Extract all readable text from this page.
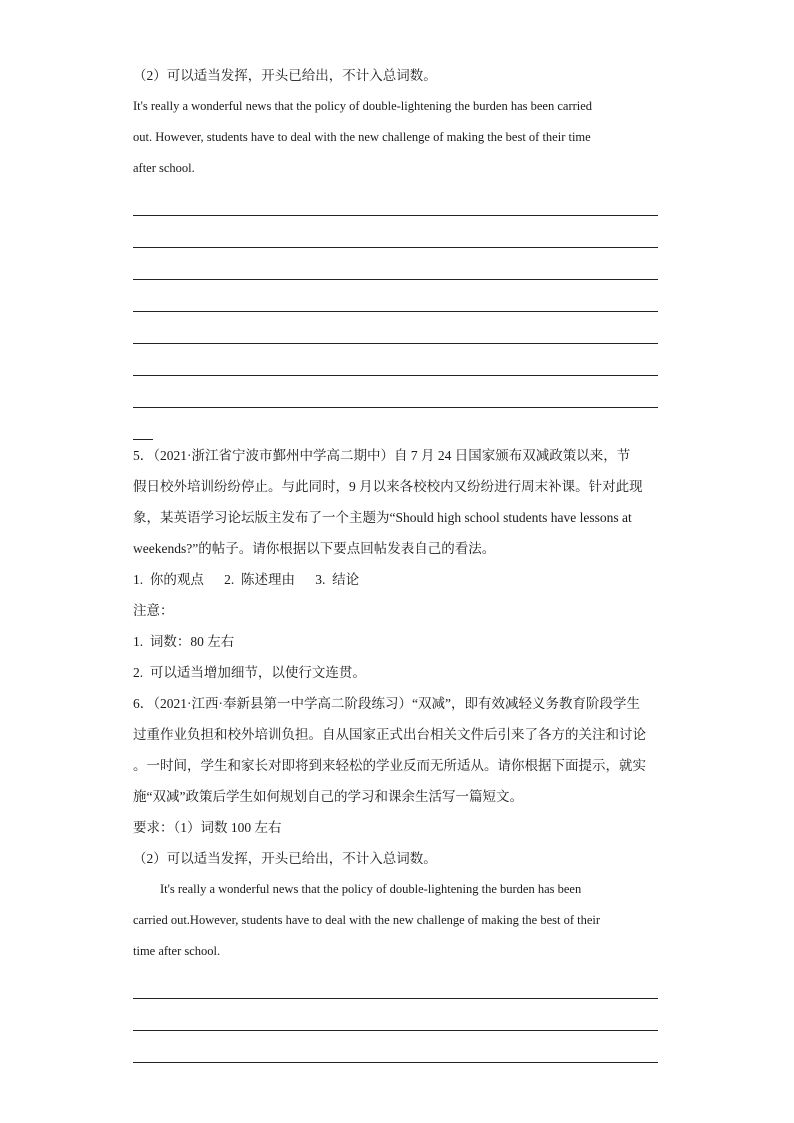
（2）可以适当发挥，开头已给出，不计入总词数。

It's really a wonderful news that the policy of double-lightening the burden has been carried

out. However, students have to deal with the new challenge of making the best of their time

after school.

5．（2021·浙江省宁波市鄞州中学高二期中）自 7 月 24 日国家颁布双减政策以来，节

假日校外培训纷纷停止。与此同时，9 月以来各校校内又纷纷进行周末补课。针对此现

象，某英语学习论坛版主发布了一个主题为“Should high school students have lessons at

weekends?”的帖子。请你根据以下要点回帖发表自己的看法。

1.  你的观点      2.  陈述理由      3.  结论

注意：

1.  词数：80 左右

2.  可以适当增加细节，以使行文连贯。

6．（2021·江西·奉新县第一中学高二阶段练习）“双减”，即有效减轻义务教育阶段学生

过重作业负担和校外培训负担。自从国家正式出台相关文件后引来了各方的关注和讨论

。一时间，学生和家长对即将到来轻松的学业反而无所适从。请你根据下面提示，就实

施“双减”政策后学生如何规划自己的学习和课余生活写一篇短文。

要求：（1）词数 100 左右

（2）可以适当发挥，开头已给出，不计入总词数。

It's really a wonderful news that the policy of double-lightening the burden has been

carried out.However, students have to deal with the new challenge of making the best of their

time after school.
